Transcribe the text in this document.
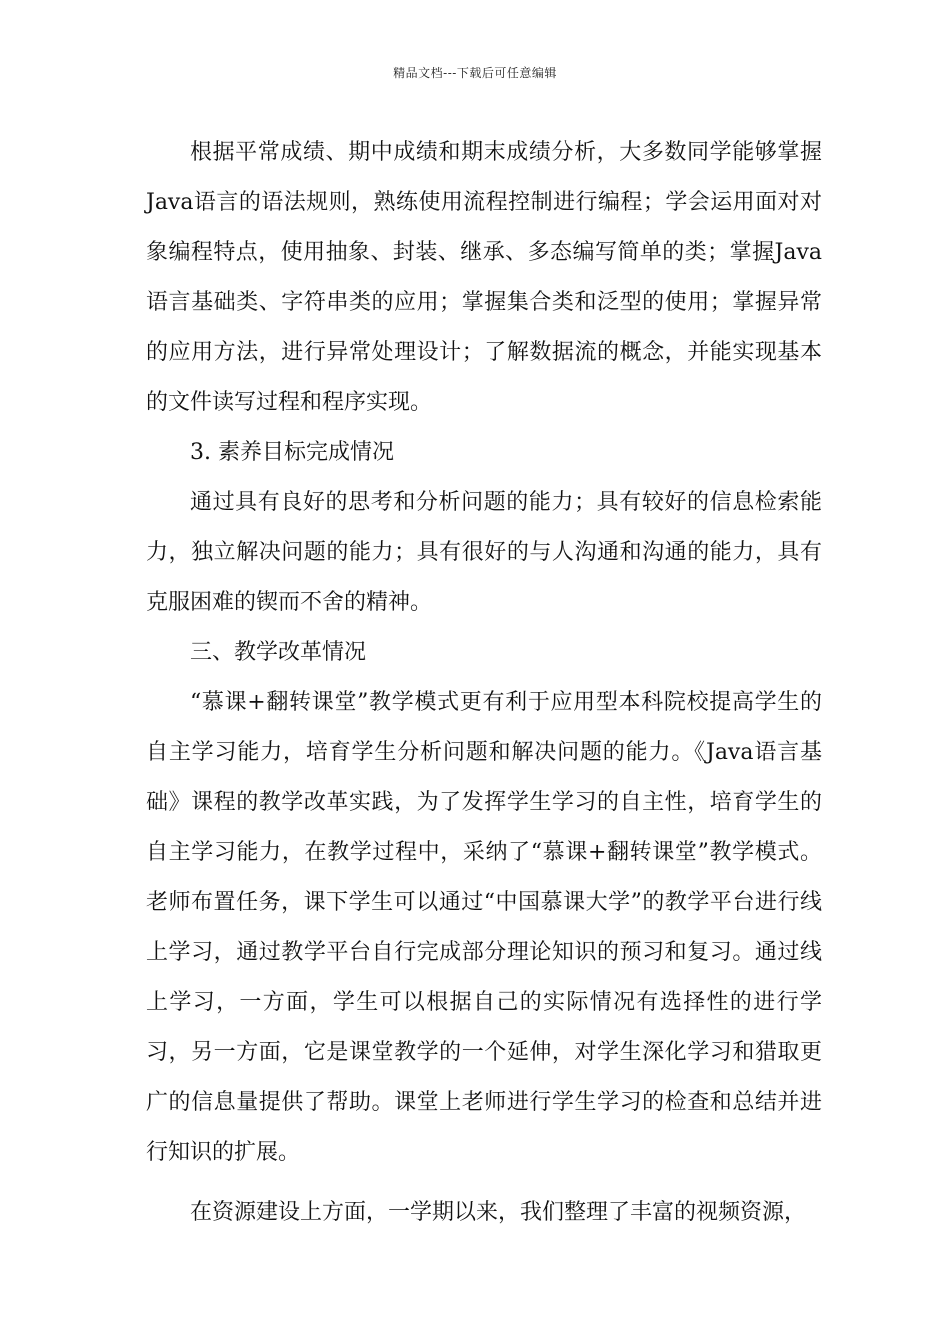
精品文档---下载后可任意编辑

根据平常成绩、期中成绩和期末成绩分析，大多数同学能够掌握Java语言的语法规则，熟练使用流程控制进行编程；学会运用面对对象编程特点，使用抽象、封装、继承、多态编写简单的类；掌握Java语言基础类、字符串类的应用；掌握集合类和泛型的使用；掌握异常的应用方法，进行异常处理设计；了解数据流的概念，并能实现基本的文件读写过程和程序实现。

3. 素养目标完成情况

通过具有良好的思考和分析问题的能力；具有较好的信息检索能力，独立解决问题的能力；具有很好的与人沟通和沟通的能力，具有克服困难的锲而不舍的精神。

三、教学改革情况

“慕课+翻转课堂”教学模式更有利于应用型本科院校提高学生的自主学习能力，培育学生分析问题和解决问题的能力。《Java语言基础》课程的教学改革实践，为了发挥学生学习的自主性，培育学生的自主学习能力，在教学过程中，采纳了“慕课+翻转课堂”教学模式。老师布置任务，课下学生可以通过“中国慕课大学”的教学平台进行线上学习，通过教学平台自行完成部分理论知识的预习和复习。通过线上学习，一方面，学生可以根据自己的实际情况有选择性的进行学习，另一方面，它是课堂教学的一个延伸，对学生深化学习和猎取更广的信息量提供了帮助。课堂上老师进行学生学习的检查和总结并进行知识的扩展。

在资源建设上方面，一学期以来，我们整理了丰富的视频资源，
